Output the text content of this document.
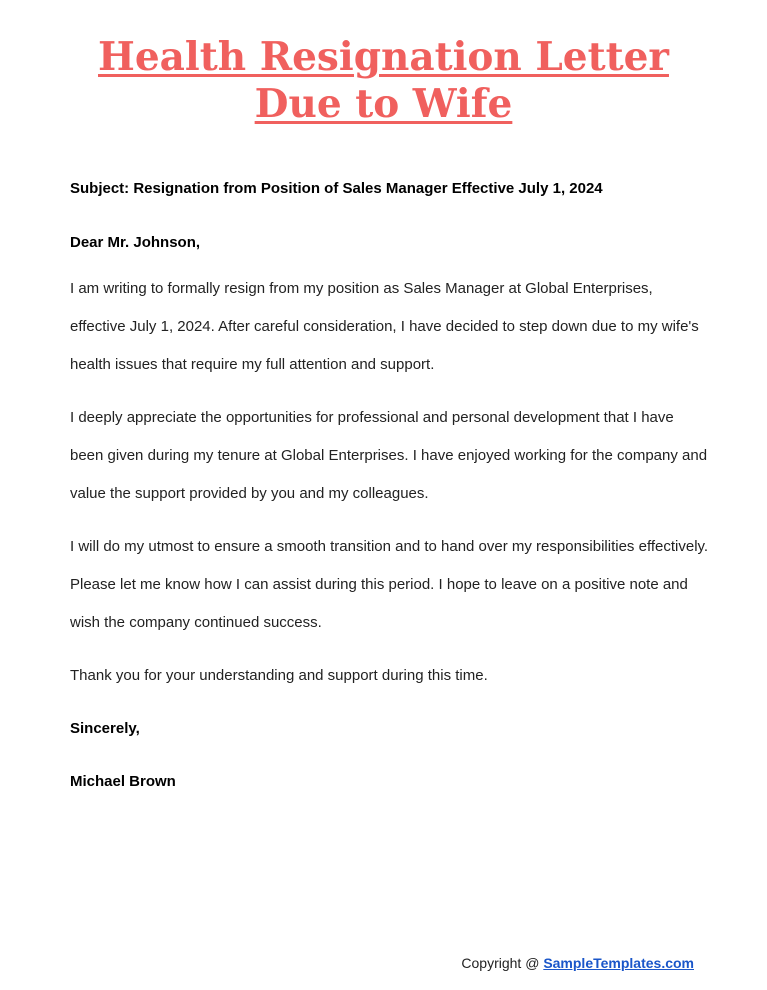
Health Resignation Letter
Due to Wife

Subject: Resignation from Position of Sales Manager Effective July 1, 2024

Dear Mr. Johnson,

I am writing to formally resign from my position as Sales Manager at Global Enterprises, effective July 1, 2024. After careful consideration, I have decided to step down due to my wife's health issues that require my full attention and support.

I deeply appreciate the opportunities for professional and personal development that I have been given during my tenure at Global Enterprises. I have enjoyed working for the company and value the support provided by you and my colleagues.

I will do my utmost to ensure a smooth transition and to hand over my responsibilities effectively. Please let me know how I can assist during this period. I hope to leave on a positive note and wish the company continued success.

Thank you for your understanding and support during this time.

Sincerely,

Michael Brown

Copyright @ SampleTemplates.com
